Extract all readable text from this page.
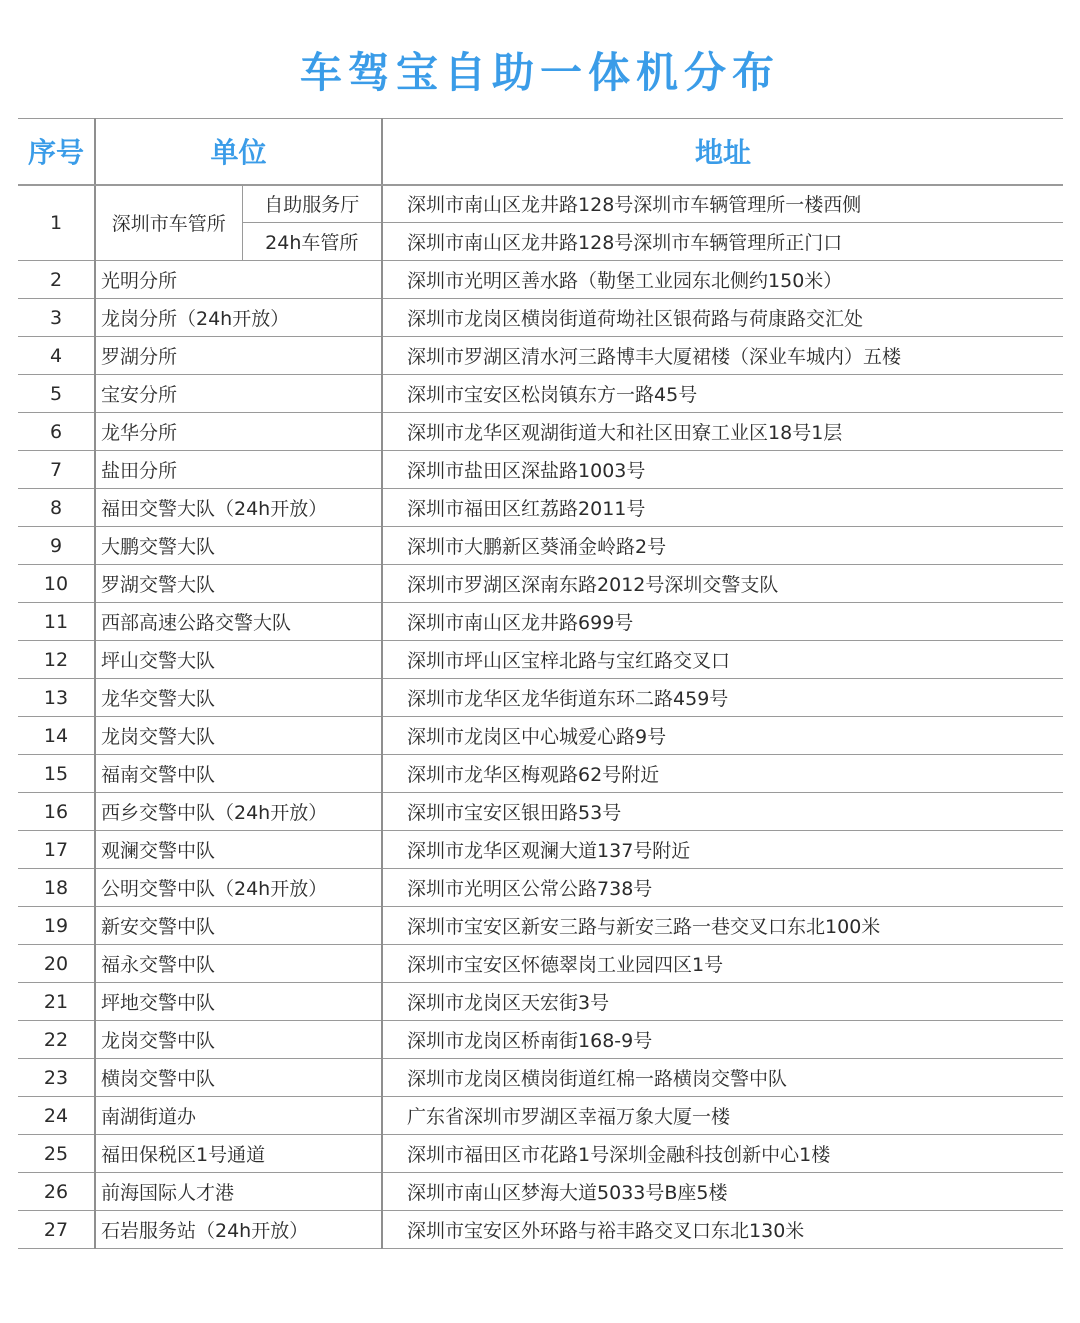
车驾宝自助一体机分布
序号	单位		地址
1	深圳市车管所	自助服务厅	深圳市南山区龙井路128号深圳市车辆管理所一楼西侧
		24h车管所	深圳市南山区龙井路128号深圳市车辆管理所正门口
2	光明分所		深圳市光明区善水路（勒堡工业园东北侧约150米）
3	龙岗分所（24h开放）		深圳市龙岗区横岗街道荷坳社区银荷路与荷康路交汇处
4	罗湖分所		深圳市罗湖区清水河三路博丰大厦裙楼（深业车城内）五楼
5	宝安分所		深圳市宝安区松岗镇东方一路45号
6	龙华分所		深圳市龙华区观湖街道大和社区田寮工业区18号1层
7	盐田分所		深圳市盐田区深盐路1003号
8	福田交警大队（24h开放）		深圳市福田区红荔路2011号
9	大鹏交警大队		深圳市大鹏新区葵涌金岭路2号
10	罗湖交警大队		深圳市罗湖区深南东路2012号深圳交警支队
11	西部高速公路交警大队		深圳市南山区龙井路699号
12	坪山交警大队		深圳市坪山区宝梓北路与宝红路交叉口
13	龙华交警大队		深圳市龙华区龙华街道东环二路459号
14	龙岗交警大队		深圳市龙岗区中心城爱心路9号
15	福南交警中队		深圳市龙华区梅观路62号附近
16	西乡交警中队（24h开放）		深圳市宝安区银田路53号
17	观澜交警中队		深圳市龙华区观澜大道137号附近
18	公明交警中队（24h开放）		深圳市光明区公常公路738号
19	新安交警中队		深圳市宝安区新安三路与新安三路一巷交叉口东北100米
20	福永交警中队		深圳市宝安区怀德翠岗工业园四区1号
21	坪地交警中队		深圳市龙岗区天宏街3号
22	龙岗交警中队		深圳市龙岗区桥南街168-9号
23	横岗交警中队		深圳市龙岗区横岗街道红棉一路横岗交警中队
24	南湖街道办		广东省深圳市罗湖区幸福万象大厦一楼
25	福田保税区1号通道		深圳市福田区市花路1号深圳金融科技创新中心1楼
26	前海国际人才港		深圳市南山区梦海大道5033号B座5楼
27	石岩服务站（24h开放）		深圳市宝安区外环路与裕丰路交叉口东北130米
